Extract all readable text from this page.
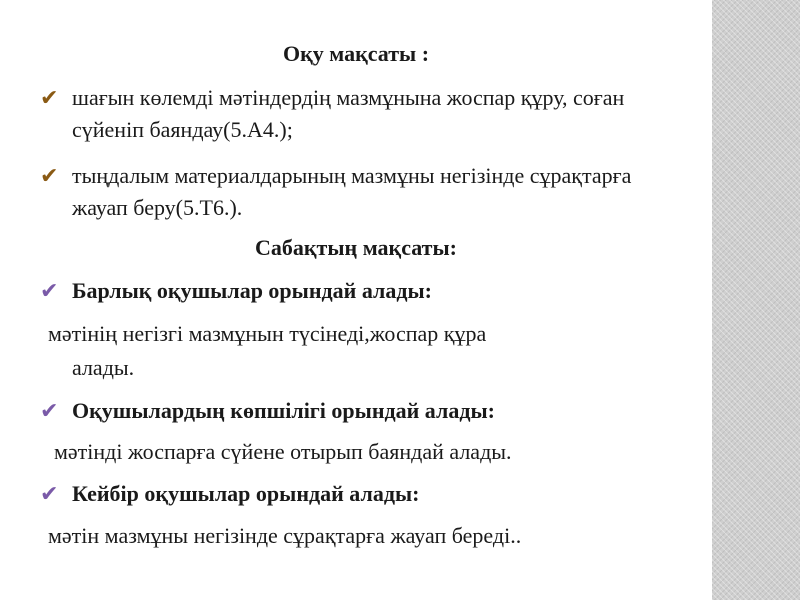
Оқу мақсаты :
✔ шағын көлемді мәтіндердің мазмұнына жоспар құру, соған сүйеніп баяндау(5.А4.);
✔ тыңдалым материалдарының мазмұны негізінде сұрақтарға жауап беру(5.Т6.).
Сабақтың мақсаты:
✔ Барлық оқушылар орындай алады:
мәтінің негізгі мазмұнын түсінеді,жоспар құра
алады.
✔ Оқушылардың көпшілігі орындай алады:
мәтінді жоспарға сүйене отырып баяндай алады.
✔ Кейбір оқушылар орындай алады:
мәтін мазмұны негізінде сұрақтарға жауап береді..
